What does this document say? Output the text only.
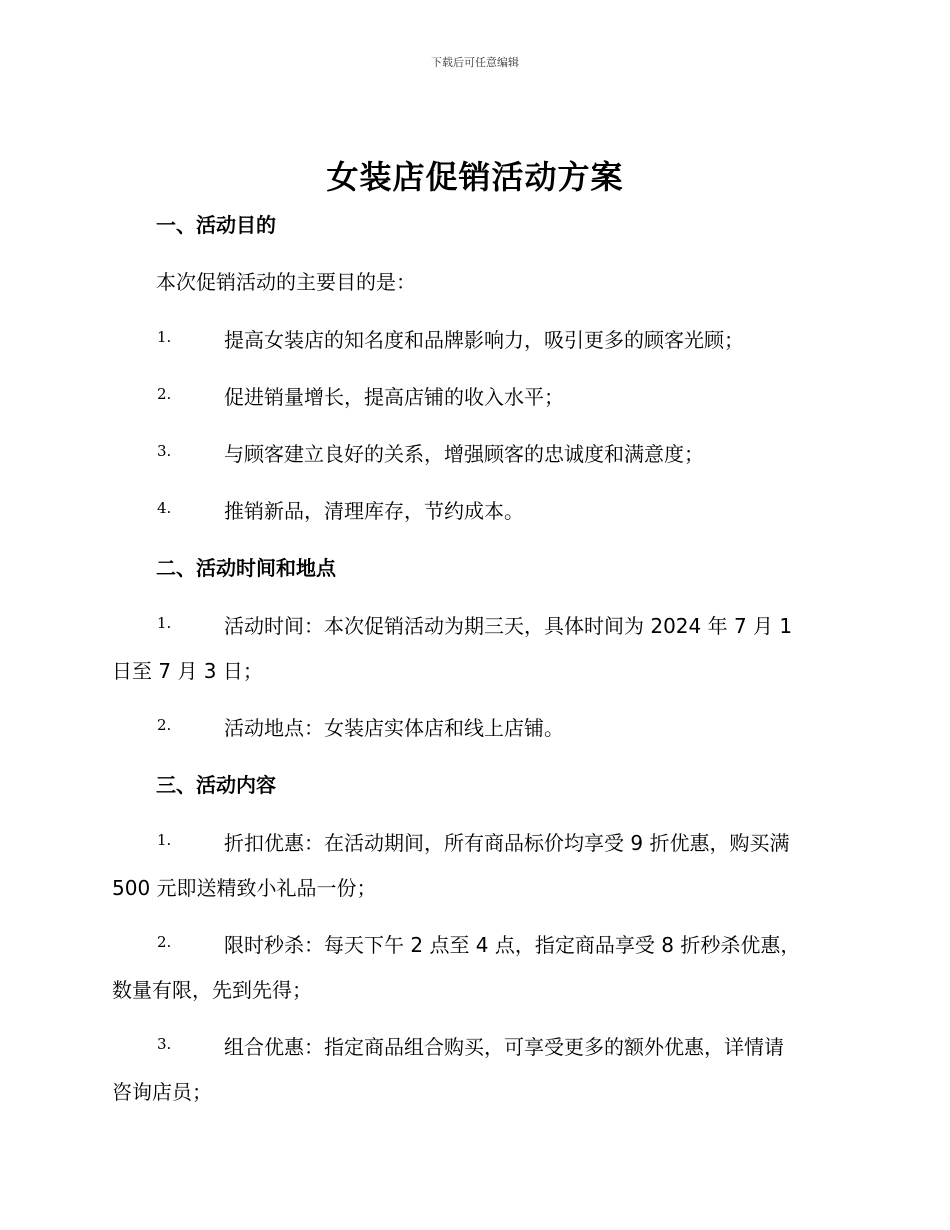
下载后可任意编辑
女装店促销活动方案
一、活动目的
本次促销活动的主要目的是：
1.	提高女装店的知名度和品牌影响力，吸引更多的顾客光顾；
2.	促进销量增长，提高店铺的收入水平；
3.	与顾客建立良好的关系，增强顾客的忠诚度和满意度；
4.	推销新品，清理库存，节约成本。
二、活动时间和地点
1.	活动时间：本次促销活动为期三天，具体时间为 2024 年 7 月 1
日至 7 月 3 日；
2.	活动地点：女装店实体店和线上店铺。
三、活动内容
1.	折扣优惠：在活动期间，所有商品标价均享受 9 折优惠，购买满
500 元即送精致小礼品一份；
2.	限时秒杀：每天下午 2 点至 4 点，指定商品享受 8 折秒杀优惠，
数量有限，先到先得；
3.	组合优惠：指定商品组合购买，可享受更多的额外优惠，详情请
咨询店员；
